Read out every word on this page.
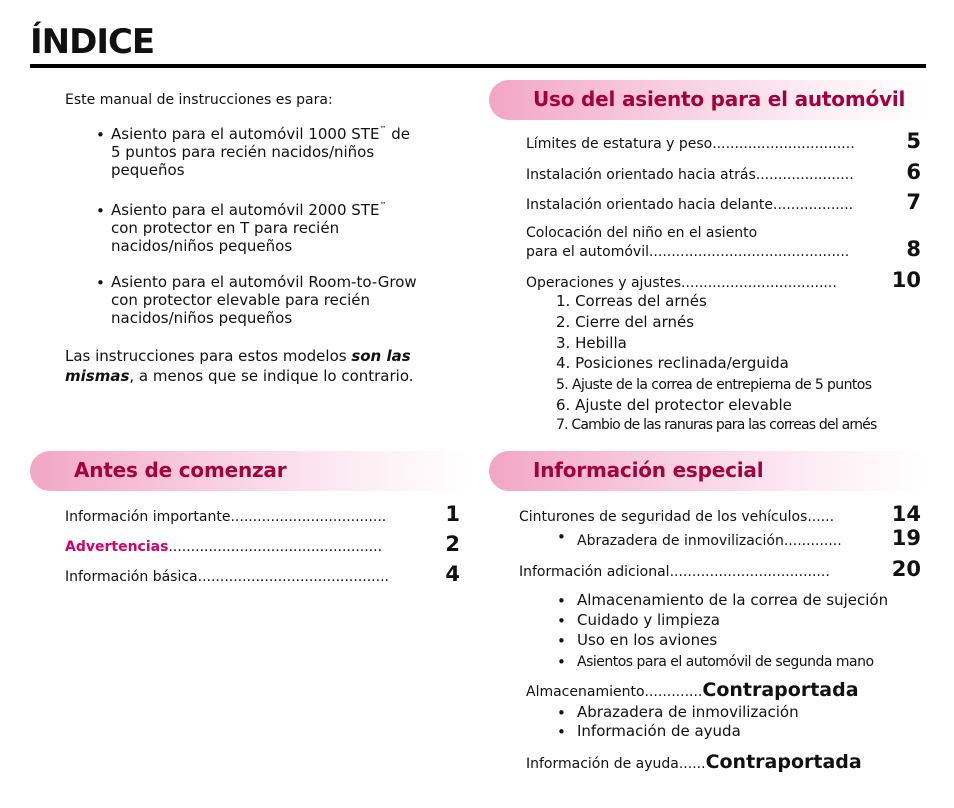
ÍNDICE
Este manual de instrucciones es para:
• Asiento para el automóvil 1000 STE™ de
5 puntos para recién nacidos/niños
pequeños
• Asiento para el automóvil 2000 STE™
con protector en T para recién
nacidos/niños pequeños
• Asiento para el automóvil Room-to-Grow
con protector elevable para recién
nacidos/niños pequeños
Las instrucciones para estos modelos son las
mismas, a menos que se indique lo contrario.
Antes de comenzar
Información importante ...................................	1
Advertencias ................................................	2
Información básica ...........................................	4
Uso del asiento para el automóvil
Límites de estatura y peso ................................	5
Instalación orientado hacia atrás ......................	6
Instalación orientado hacia delante ..................	7
Colocación del niño en el asiento
para el automóvil .............................................	8
Operaciones y ajustes ...................................	10
1. Correas del arnés
2. Cierre del arnés
3. Hebilla
4. Posiciones reclinada/erguida
5. Ajuste de la correa de entrepierna de 5 puntos
6. Ajuste del protector elevable
7. Cambio de las ranuras para las correas del arnés
Información especial
Cinturones de seguridad de los vehículos ......	14
• Abrazadera de inmovilización .............	19
Información adicional ....................................	20
• Almacenamiento de la correa de sujeción
• Cuidado y limpieza
• Uso en los aviones
• Asientos para el automóvil de segunda mano
Almacenamiento ............. Contraportada
• Abrazadera de inmovilización
• Información de ayuda
Información de ayuda ...... Contraportada
